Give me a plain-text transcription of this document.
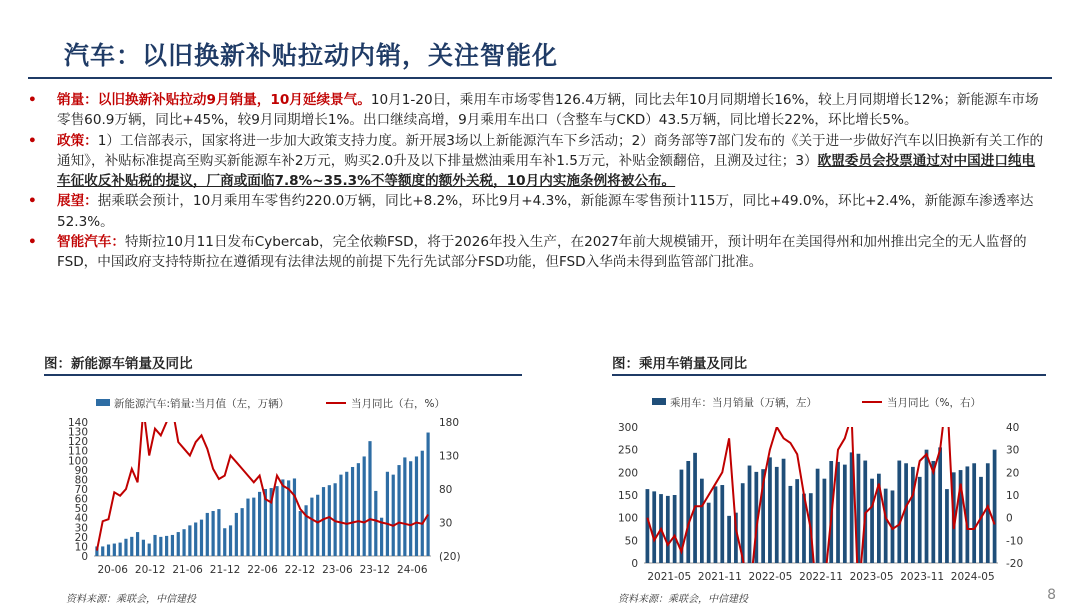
汽车：以旧换新补贴拉动内销，关注智能化
• 销量：以旧换新补贴拉动9月销量，10月延续景气。10月1-20日，乘用车市场零售126.4万辆，同比去年10月同期增长16%，较上月同期增长12%；新能源车市场零售60.9万辆，同比+45%，较9月同期增长1%。出口继续高增，9月乘用车出口（含整车与CKD）43.5万辆，同比增长22%，环比增长5%。
• 政策：1）工信部表示，国家将进一步加大政策支持力度。新开展3场以上新能源汽车下乡活动；2）商务部等7部门发布的《关于进一步做好汽车以旧换新有关工作的通知》，补贴标准提高至购买新能源车补2万元，购买2.0升及以下排量燃油乘用车补1.5万元，补贴金额翻倍，且溯及过往；3）欧盟委员会投票通过对中国进口纯电车征收反补贴税的提议，厂商或面临7.8%~35.3%不等额度的额外关税，10月内实施条例将被公布。
• 展望：据乘联会预计，10月乘用车零售约220.0万辆，同比+8.2%，环比9月+4.3%，新能源车零售预计115万，同比+49.0%，环比+2.4%，新能源车渗透率达52.3%。
• 智能汽车：特斯拉10月11日发布Cybercab，完全依赖FSD，将于2026年投入生产，在2027年前大规模铺开，预计明年在美国得州和加州推出完全的无人监督的FSD，中国政府支持特斯拉在遵循现有法律法规的前提下先行先试部分FSD功能，但FSD入华尚未得到监管部门批准。
图：新能源车销量及同比
新能源汽车:销量:当月值（左，万辆）	当月同比（右，%）
0
10
20
30
40
50
60
70
80
90
100
110
120
130
140
(20)
30
80
130
180
20-06 20-12 21-06 21-12 22-06 22-12 23-06 23-12 24-06
资料来源：乘联会，中信建投
图：乘用车销量及同比
乘用车：当月销量（万辆，左）	当月同比（%，右）
0
50
100
150
200
250
300
-20
-10
0
10
20
30
40
2021-05 2021-11 2022-05 2022-11 2023-05 2023-11 2024-05
资料来源：乘联会，中信建投	8
